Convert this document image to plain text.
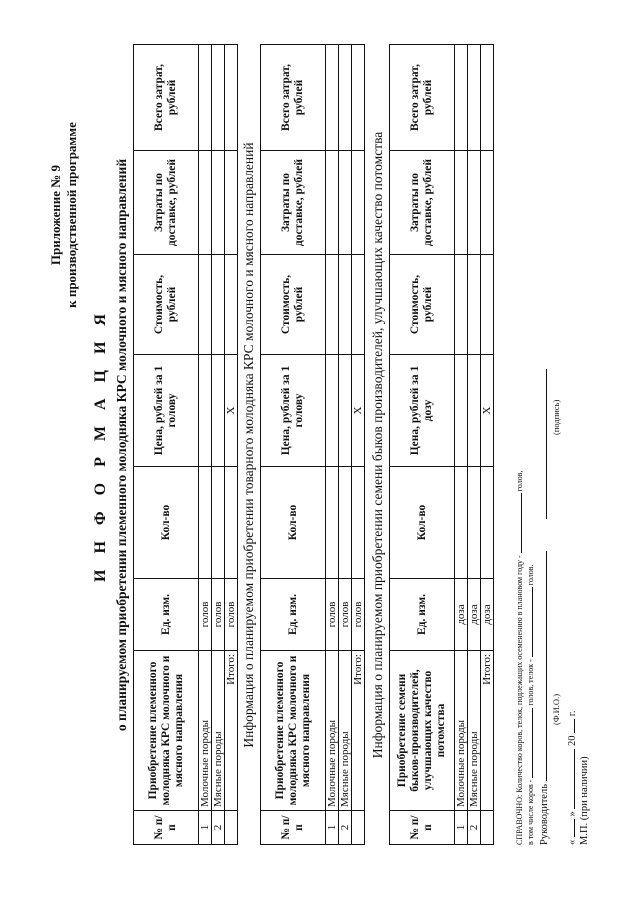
Приложение № 9 к производственной программе
И Н Ф О Р М А Ц И Я о планируемом приобретении племенного молодняка КРС молочного и мясного направлений
№ п/п	Приобретение племенного молодняка КРС молочного и мясного направления	Ед. изм.	Кол-во	Цена, рублей за 1 голову	Стоимость, рублей	Затраты по доставке, рублей	Всего затрат, рублей
1	Молочные породы	голов					
2	Мясные породы	голов					
	Итого:	голов		X			Информация о планируемом приобретении товарного молодняка КРС молочного и мясного направлений
№ п/п	Приобретение племенного молодняка КРС молочного и мясного направления	Ед. изм.	Кол-во	Цена, рублей за 1 голову	Стоимость, рублей	Затраты по доставке, рублей	Всего затрат, рублей
1	Молочные породы	голов					
2	Мясные породы	голов					
	Итого:	голов		X			Информация о планируемом приобретении семени быков производителей, улучшающих качество потомства
№ п/п	Приобретение семени быков-производителей, улучшающих качество потомства	Ед. изм.	Кол-во	Цена, рублей за 1 дозу	Стоимость, рублей	Затраты по доставке, рублей	Всего затрат, рублей
1	Молочные породы	доза					
2	Мясные породы	доза					
	Итого:	доза		X			
СПРАВОЧНО: Количество коров, телок, подлежащих осеменению в плановом году -  голов,
в том числе коров -  голов, телок -  голов.
Руководитель
(Ф.И.О.)
(подпись)
«  »  20  г.
М.П. (при наличии)
